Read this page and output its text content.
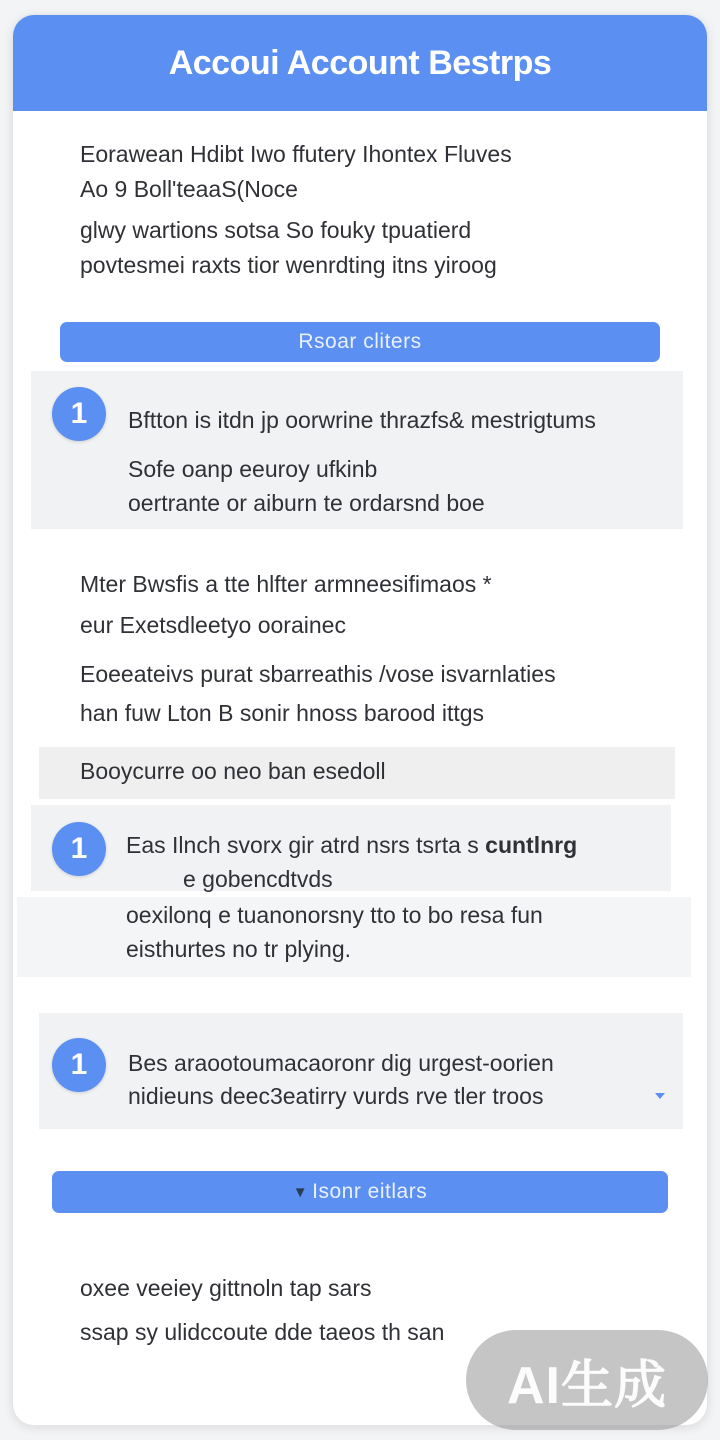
Accoui Account Bestrps
Eorawean Hdibt Iwo ffutery Ihontex Fluves
Ao 9 Boll'teaaS(Noce
glwy wartions sotsa So fouky tpuatierd
povtesmei raxts tior wenrdting itns yiroog
Rsoar cliters
1 Bftton is itdn jp oorwrine thrazfs& mestrigtums
Sofe oanp eeuroy ufkinb
oertrante or aiburn te ordarsnd boe
Mter Bwsfis a tte hlfter armneesifimaos *
eur Exetsdleetyo oorainec
Eoeeateivs purat sbarreathis /vose isvarnlaties
han fuw Lton B sonir hnoss barood ittgs
Booycurre oo neo ban esedoll
1 Eas Ilnch svorx gir atrd nsrs tsrta s cuntlnrg
e gobencdtvds
oexilonq e tuanonorsny tto to bo resa fun
eisthurtes no tr plying.
1 Bes araootoumacaoronr dig urgest-oorien
nidieuns deec3eatirry vurds rve tler troos
▼ Isonr eitlars
oxee veeiey gittnoln tap sars
ssap sy ulidccoute dde taeos th san
AI生成
